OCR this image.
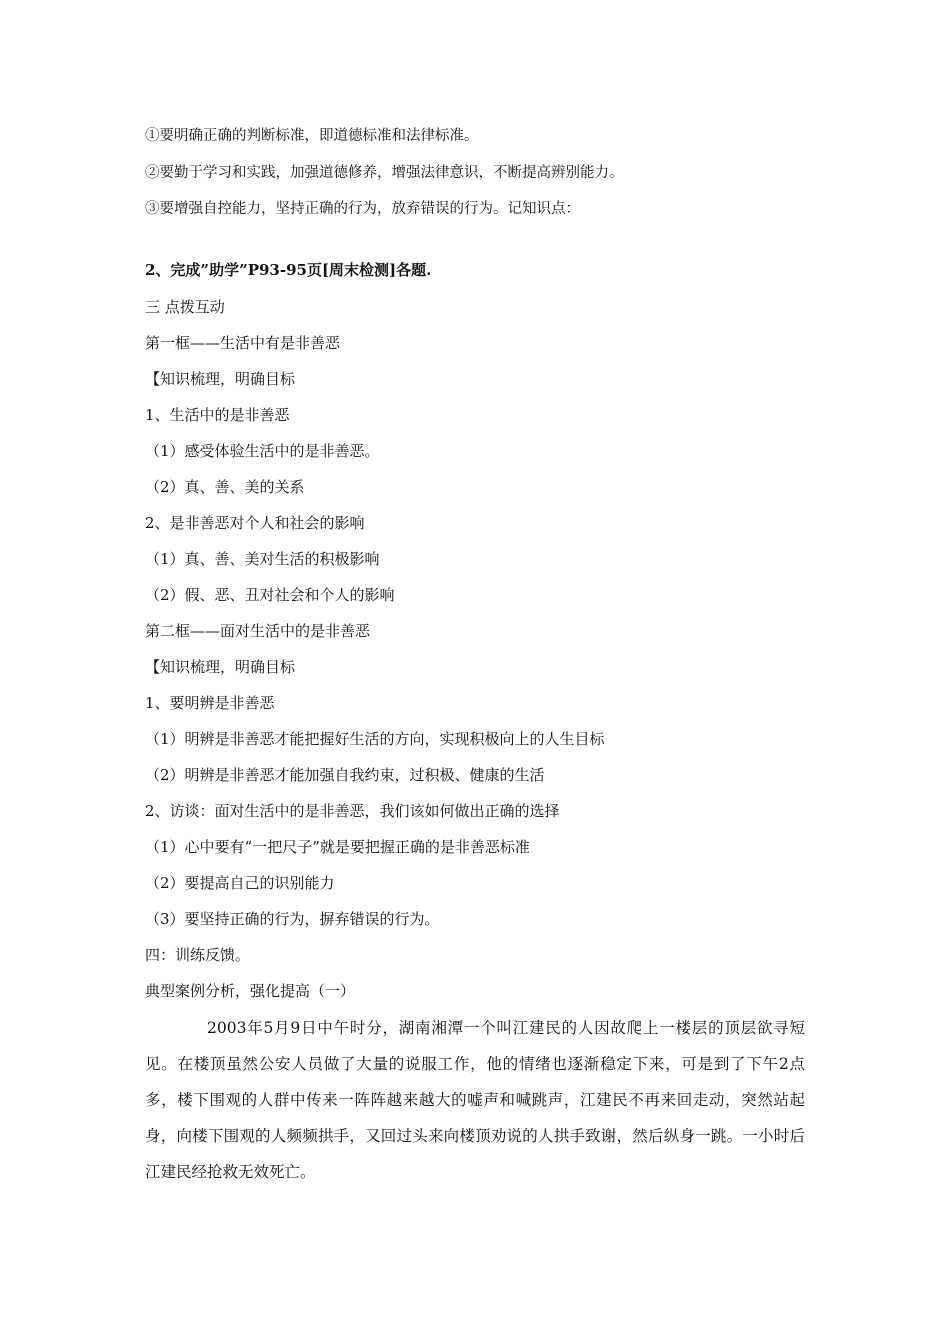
①要明确正确的判断标准，即道德标准和法律标准。
②要勤于学习和实践，加强道德修养，增强法律意识，不断提高辨别能力。
③要增强自控能力，坚持正确的行为，放弃错误的行为。记知识点：
2、完成”助学”P93-95页[周末检测]各题.
三 点拨互动
第一框——生活中有是非善恶
【知识梳理，明确目标
1、生活中的是非善恶
（1）感受体验生活中的是非善恶。
（2）真、善、美的关系
2、是非善恶对个人和社会的影响
（1）真、善、美对生活的积极影响
（2）假、恶、丑对社会和个人的影响
第二框——面对生活中的是非善恶
【知识梳理，明确目标
1、要明辨是非善恶
（1）明辨是非善恶才能把握好生活的方向，实现积极向上的人生目标
（2）明辨是非善恶才能加强自我约束，过积极、健康的生活
2、访谈：面对生活中的是非善恶，我们该如何做出正确的选择
（1）心中要有“一把尺子”就是要把握正确的是非善恶标准
（2）要提高自己的识别能力
（3）要坚持正确的行为，摒弃错误的行为。
四：训练反馈。
典型案例分析，强化提高（一）
2003年5月9日中午时分，湖南湘潭一个叫江建民的人因故爬上一楼层的顶层欲寻短见。在楼顶虽然公安人员做了大量的说服工作，他的情绪也逐渐稳定下来，可是到了下午2点多，楼下围观的人群中传来一阵阵越来越大的嘘声和喊跳声，江建民不再来回走动，突然站起身，向楼下围观的人频频拱手，又回过头来向楼顶劝说的人拱手致谢，然后纵身一跳。一小时后江建民经抢救无效死亡。
